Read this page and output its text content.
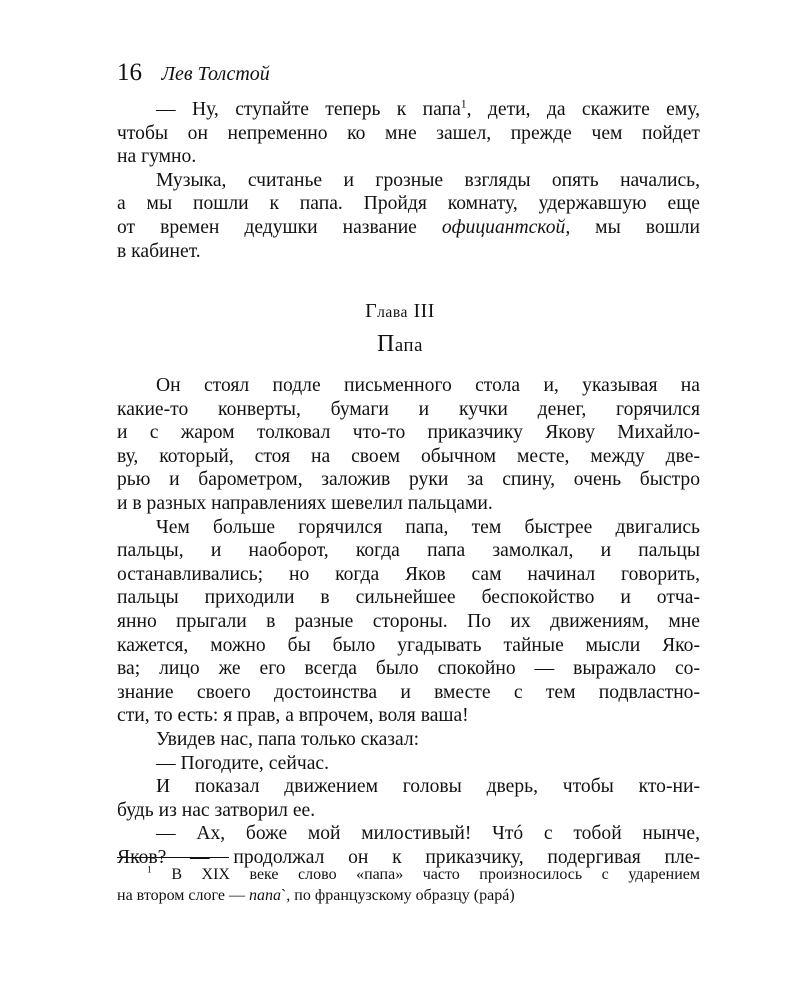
16 Лев Толстой
— Ну, ступайте теперь к папа$^1$, дети, да скажите ему,
чтобы он непременно ко мне зашел, прежде чем пойдет
на гумно.
Музыка, считанье и грозные взгляды опять начались,
а мы пошли к папа. Пройдя комнату, удержавшую еще
от времен дедушки название официантской, мы вошли
в кабинет.
Глава III
Папа
Он стоял подле письменного стола и, указывая на
какие-то конверты, бумаги и кучки денег, горячился
и с жаром толковал что-то приказчику Якову Михайло-
ву, который, стоя на своем обычном месте, между две-
рью и барометром, заложив руки за спину, очень быстро
и в разных направлениях шевелил пальцами.
Чем больше горячился папа, тем быстрее двигались
пальцы, и наоборот, когда папа замолкал, и пальцы
останавливались; но когда Яков сам начинал говорить,
пальцы приходили в сильнейшее беспокойство и отча-
янно прыгали в разные стороны. По их движениям, мне
кажется, можно бы было угадывать тайные мысли Яко-
ва; лицо же его всегда было спокойно — выражало со-
знание своего достоинства и вместе с тем подвластно-
сти, то есть: я прав, а впрочем, воля ваша!
Увидев нас, папа только сказал:
— Погодите, сейчас.
И показал движением головы дверь, чтобы кто-ни-
будь из нас затворил ее.
— Ах, боже мой милостивый! Чтó с тобой нынче,
Яков? — продолжал он к приказчику, подергивая пле-
$^1$ В XIX веке слово «папа» часто произносилось с ударением
на втором слоге — папа`, по французскому образцу (papá)
